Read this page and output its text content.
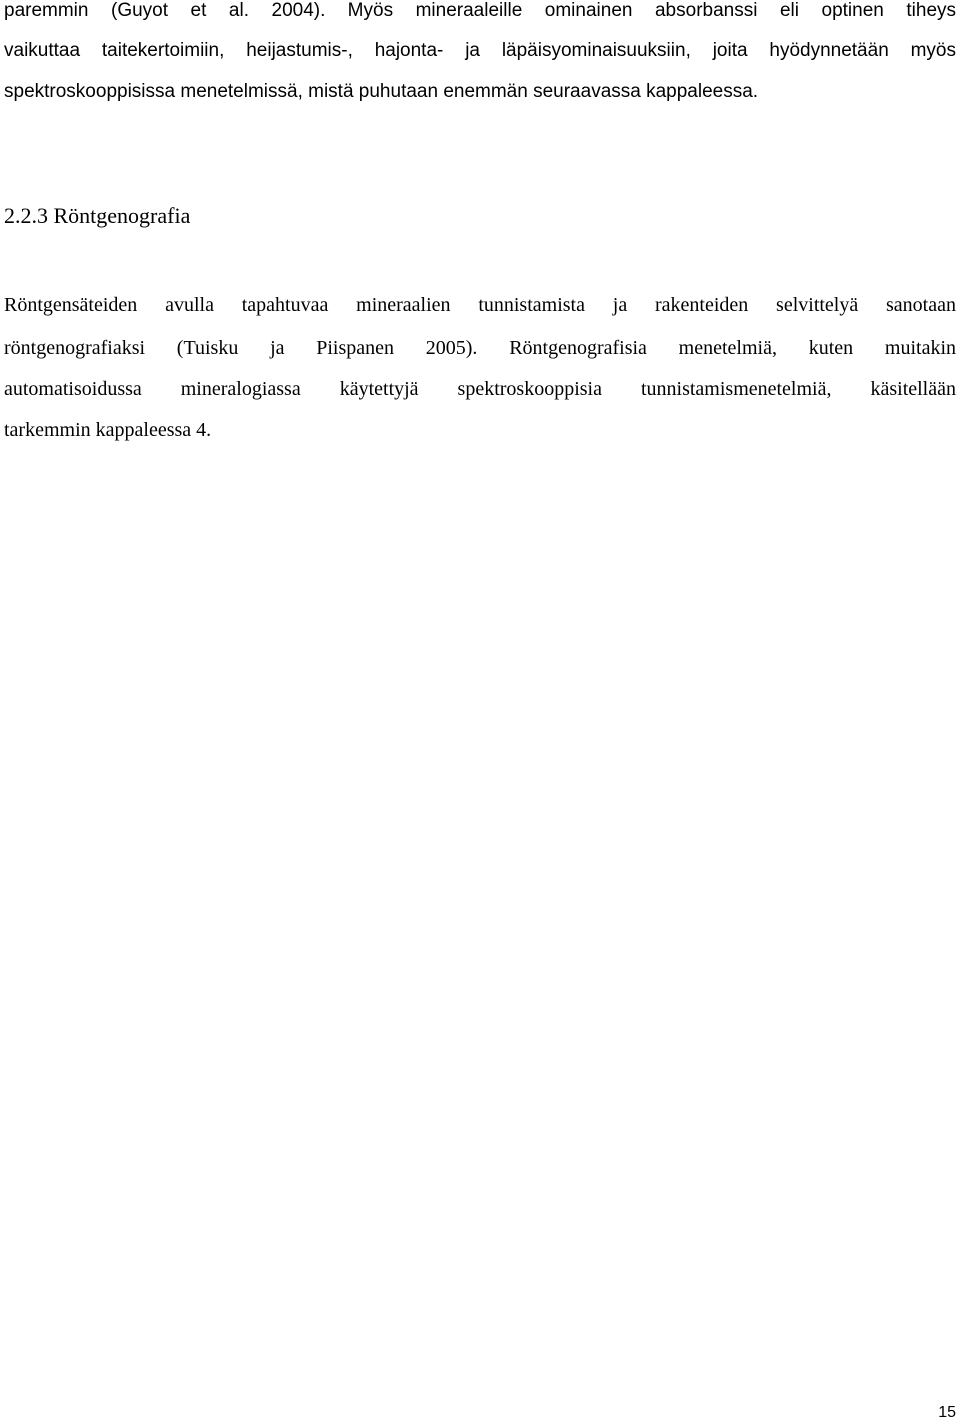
paremmin (Guyot et al. 2004). Myös mineraaleille ominainen absorbanssi eli optinen tiheys
vaikuttaa taitekertoimiin, heijastumis-, hajonta- ja läpäisyominaisuuksiin, joita hyödynnetään myös
spektroskooppisissa menetelmissä, mistä puhutaan enemmän seuraavassa kappaleessa.
2.2.3 Röntgenografia
Röntgensäteiden avulla tapahtuvaa mineraalien tunnistamista ja rakenteiden selvittelyä sanotaan
röntgenografiaksi (Tuisku ja Piispanen 2005). Röntgenografisia menetelmiä, kuten muitakin
automatisoidussa mineralogiassa käytettyjä spektroskooppisia tunnistamismenetelmiä, käsitellään
tarkemmin kappaleessa 4.
15
